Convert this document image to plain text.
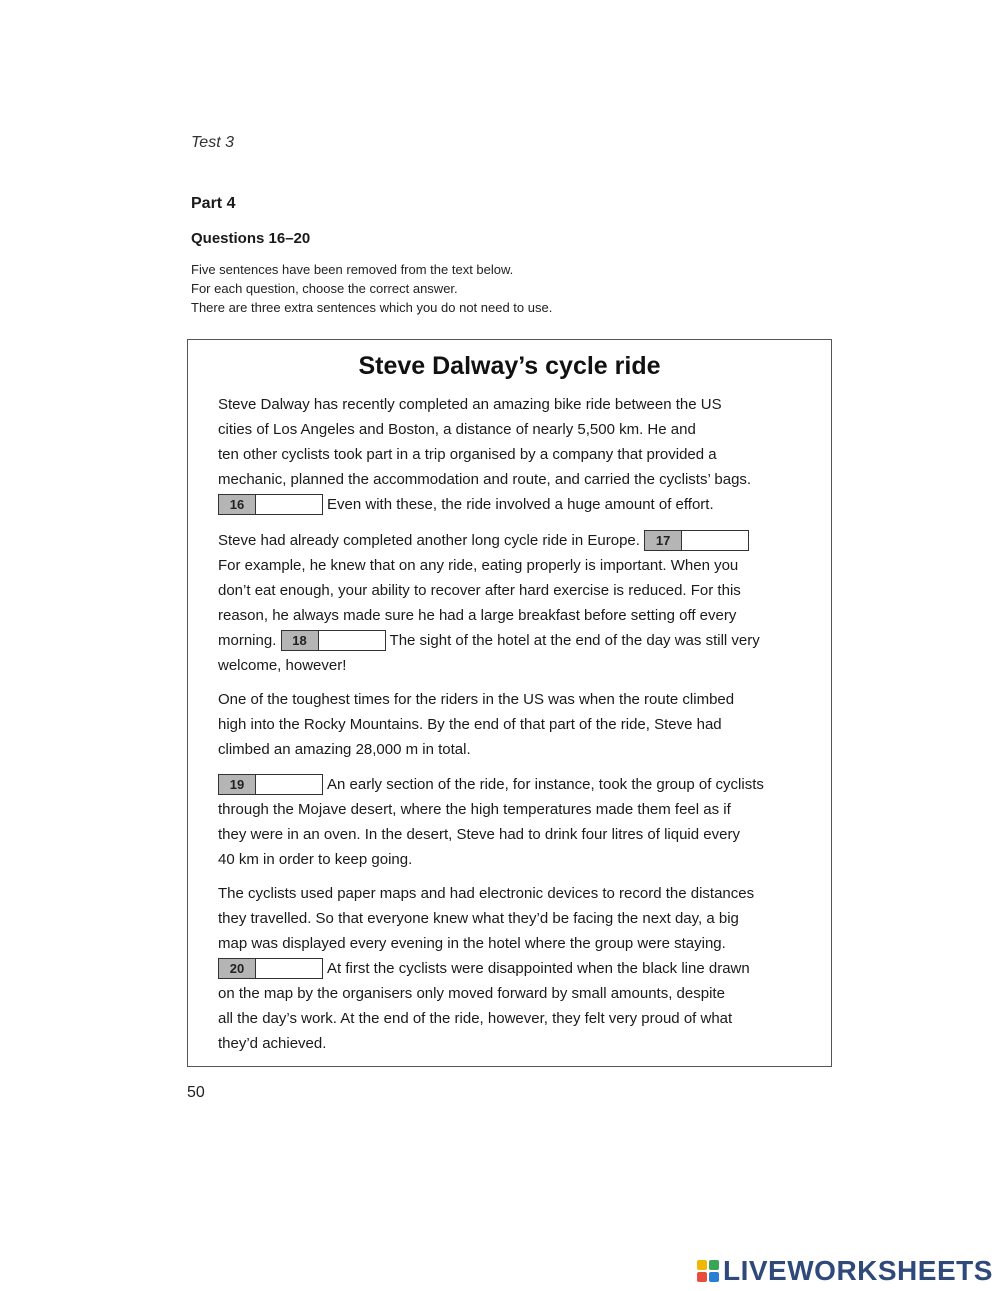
Test 3
Part 4
Questions 16–20
Five sentences have been removed from the text below.
For each question, choose the correct answer.
There are three extra sentences which you do not need to use.
Steve Dalway’s cycle ride
Steve Dalway has recently completed an amazing bike ride between the US
cities of Los Angeles and Boston, a distance of nearly 5,500 km. He and
ten other cyclists took part in a trip organised by a company that provided a
mechanic, planned the accommodation and route, and carried the cyclists’ bags.
16	Even with these, the ride involved a huge amount of effort.
Steve had already completed another long cycle ride in Europe.	17
For example, he knew that on any ride, eating properly is important. When you
don’t eat enough, your ability to recover after hard exercise is reduced. For this
reason, he always made sure he had a large breakfast before setting off every
morning.	18	The sight of the hotel at the end of the day was still very
welcome, however!
One of the toughest times for the riders in the US was when the route climbed
high into the Rocky Mountains. By the end of that part of the ride, Steve had
climbed an amazing 28,000 m in total.
19	An early section of the ride, for instance, took the group of cyclists
through the Mojave desert, where the high temperatures made them feel as if
they were in an oven. In the desert, Steve had to drink four litres of liquid every
40 km in order to keep going.
The cyclists used paper maps and had electronic devices to record the distances
they travelled. So that everyone knew what they’d be facing the next day, a big
map was displayed every evening in the hotel where the group were staying.
20	At first the cyclists were disappointed when the black line drawn
on the map by the organisers only moved forward by small amounts, despite
all the day’s work. At the end of the ride, however, they felt very proud of what
they’d achieved.
50
LIVEWORKSHEETS
